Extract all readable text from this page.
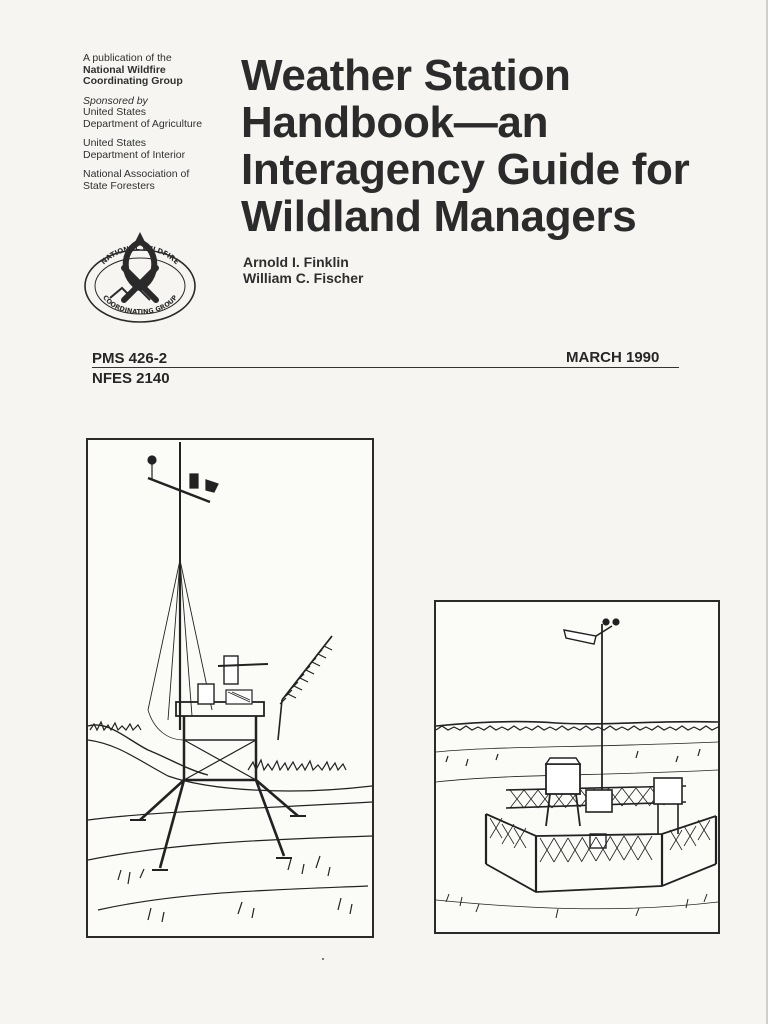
A publication of the
National Wildfire
Coordinating Group
Sponsored by
United States
Department of Agriculture
United States
Department of Interior
National Association of
State Foresters
Weather Station
Handbook—an
Interagency Guide for
Wildland Managers
Arnold I. Finklin
William C. Fischer
NATIONAL WILDFIRE
COORDINATING GROUP
PMS 426-2
NFES 2140
MARCH 1990
